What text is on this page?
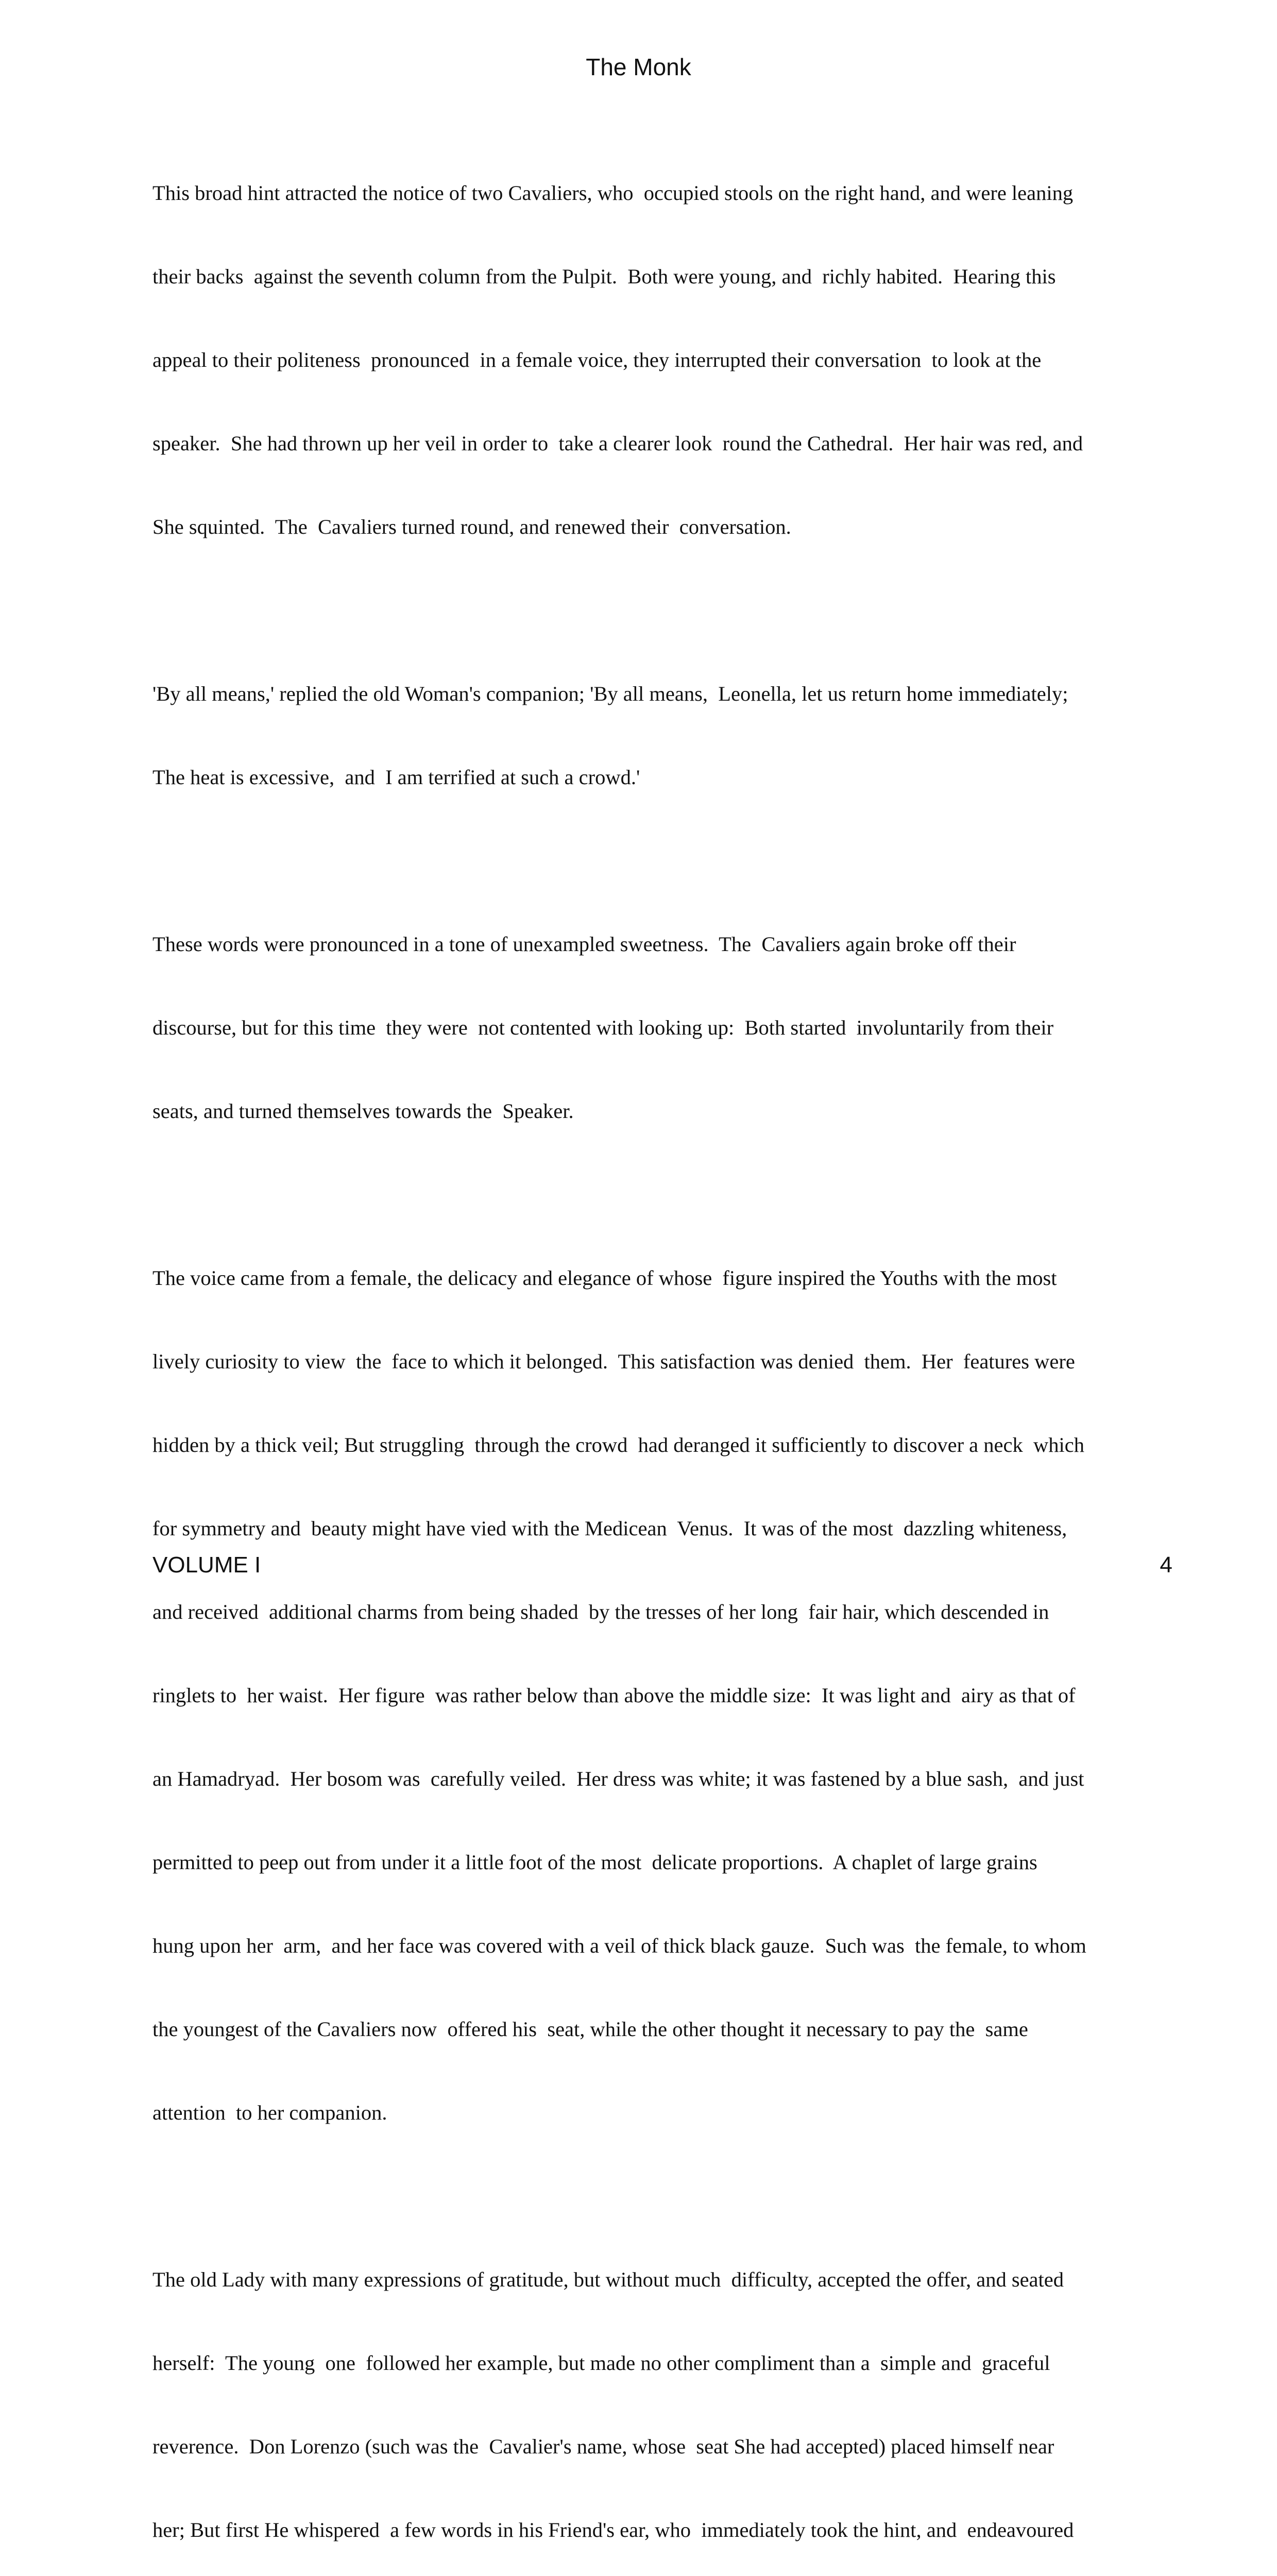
The Monk

This broad hint attracted the notice of two Cavaliers, who  occupied stools on the right hand, and were leaning

their backs  against the seventh column from the Pulpit.  Both were young, and  richly habited.  Hearing this

appeal to their politeness  pronounced  in a female voice, they interrupted their conversation  to look at the

speaker.  She had thrown up her veil in order to  take a clearer look  round the Cathedral.  Her hair was red, and

She squinted.  The  Cavaliers turned round, and renewed their  conversation.

'By all means,' replied the old Woman's companion; 'By all means,  Leonella, let us return home immediately;

The heat is excessive,  and  I am terrified at such a crowd.'

These words were pronounced in a tone of unexampled sweetness.  The  Cavaliers again broke off their

discourse, but for this time  they were  not contented with looking up:  Both started  involuntarily from their

seats, and turned themselves towards the  Speaker.

The voice came from a female, the delicacy and elegance of whose  figure inspired the Youths with the most

lively curiosity to view  the  face to which it belonged.  This satisfaction was denied  them.  Her  features were

hidden by a thick veil; But struggling  through the crowd  had deranged it sufficiently to discover a neck  which

for symmetry and  beauty might have vied with the Medicean  Venus.  It was of the most  dazzling whiteness,

and received  additional charms from being shaded  by the tresses of her long  fair hair, which descended in

ringlets to  her waist.  Her figure  was rather below than above the middle size:  It was light and  airy as that of

an Hamadryad.  Her bosom was  carefully veiled.  Her dress was white; it was fastened by a blue sash,  and just

permitted to peep out from under it a little foot of the most  delicate proportions.  A chaplet of large grains

hung upon her  arm,  and her face was covered with a veil of thick black gauze.  Such was  the female, to whom

the youngest of the Cavaliers now  offered his  seat, while the other thought it necessary to pay the  same

attention  to her companion.

The old Lady with many expressions of gratitude, but without much  difficulty, accepted the offer, and seated

herself:  The young  one  followed her example, but made no other compliment than a  simple and  graceful

reverence.  Don Lorenzo (such was the  Cavalier's name, whose  seat She had accepted) placed himself near

her; But first He whispered  a few words in his Friend's ear, who  immediately took the hint, and  endeavoured

VOLUME I	4
